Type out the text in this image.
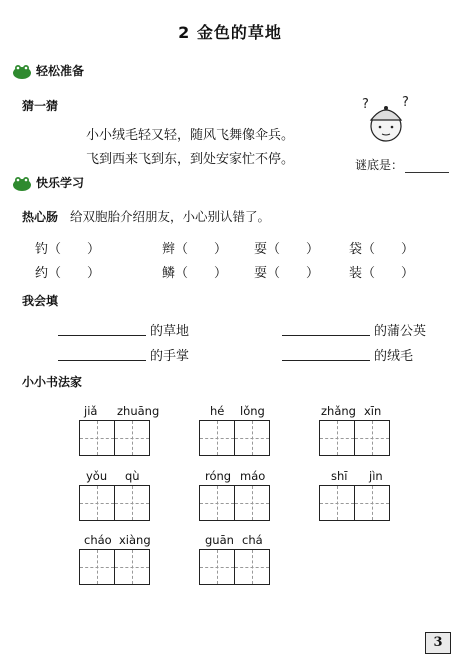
2 金色的草地
轻松准备
猜一猜
小小绒毛轻又轻，随风飞舞像伞兵。
飞到西来飞到东，到处安家忙不停。
?	?
谜底是：
快乐学习
热心肠 给双胞胎介绍朋友，小心别认错了。
钓（　　）	辫（　　） 耍（　　） 袋（　　）
约（　　）	鳞（　　） 耍（　　） 装（　　）
我会填
的草地	的蒲公英
的手掌	的绒毛
小小书法家
jiǎ zhuāng	hé lǒng	zhǎng xīn
yǒu qù	róng máo	shī jìn
cháo xiàng	guān chá
3
